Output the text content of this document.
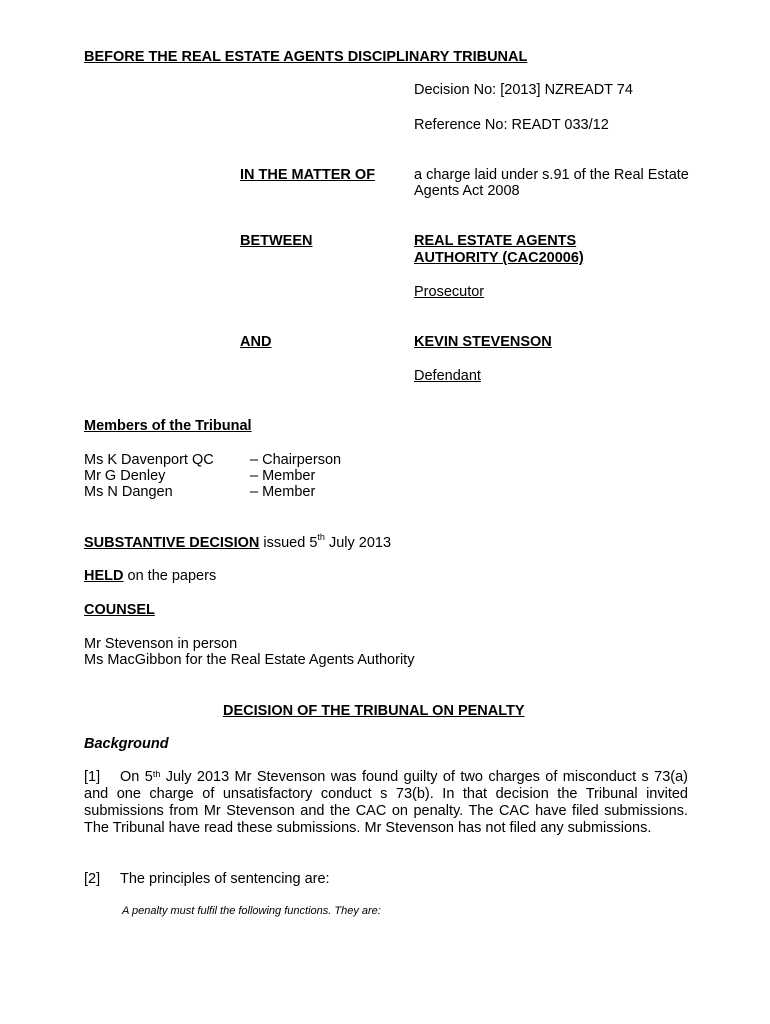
BEFORE THE REAL ESTATE AGENTS DISCIPLINARY TRIBUNAL
Decision No: [2013] NZREADT 74
Reference No: READT 033/12
IN THE MATTER OF	a charge laid under s.91 of the Real Estate
Agents Act 2008
BETWEEN	REAL ESTATE AGENTS
AUTHORITY (CAC20006)
Prosecutor
AND	KEVIN STEVENSON
Defendant
Members of the Tribunal
Ms K Davenport QC	– Chairperson
Mr G Denley	– Member
Ms N Dangen	– Member
SUBSTANTIVE DECISION issued 5th July 2013
HELD on the papers
COUNSEL
Mr Stevenson in person
Ms MacGibbon for the Real Estate Agents Authority
DECISION OF THE TRIBUNAL ON PENALTY
Background
[1] On 5th July 2013 Mr Stevenson was found guilty of two charges of misconduct s 73(a) and one charge of unsatisfactory conduct s 73(b). In that decision the Tribunal invited submissions from Mr Stevenson and the CAC on penalty. The CAC have filed submissions. The Tribunal have read these submissions. Mr Stevenson has not filed any submissions.
[2] The principles of sentencing are:
A penalty must fulfil the following functions. They are:
